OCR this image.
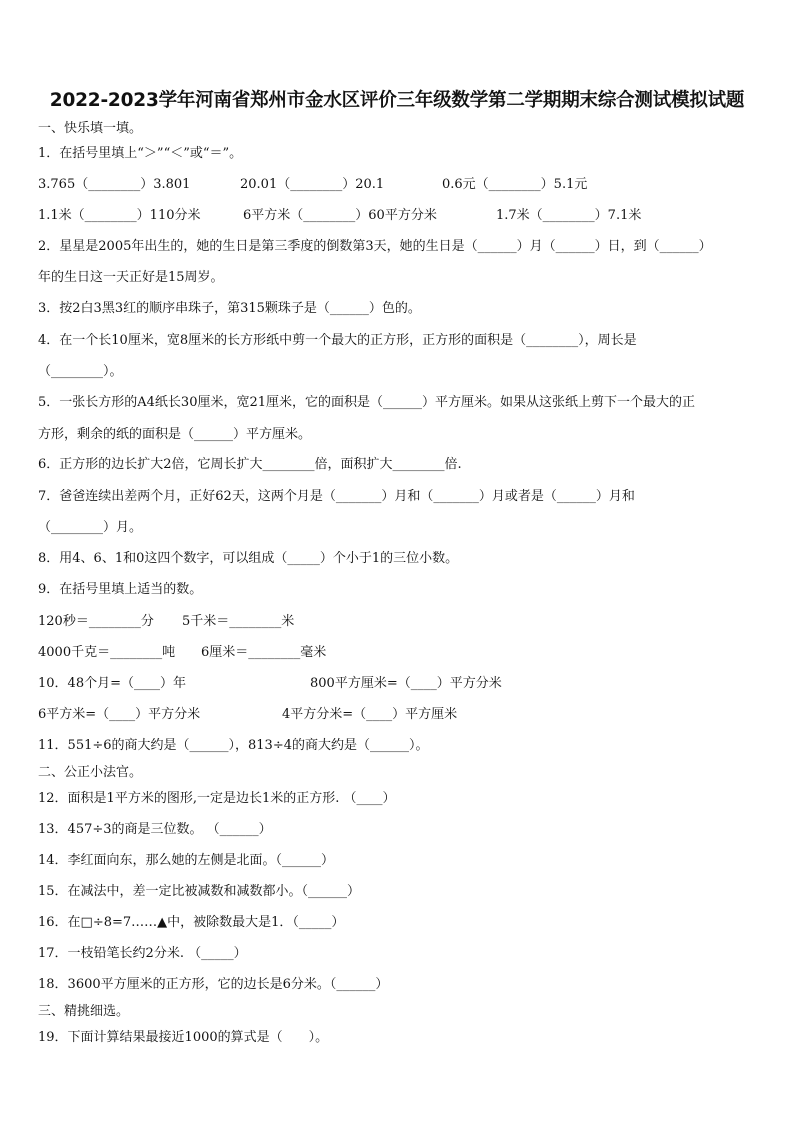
2022-2023学年河南省郑州市金水区评价三年级数学第二学期期末综合测试模拟试题
一、快乐填一填。
1．在括号里填上“＞”“＜”或“＝”。
3.765（________）3.801	20.01（________）20.1	0.6元（________）5.1元
1.1米（________）110分米	6平方米（________）60平方分米	1.7米（________）7.1米
2．星星是2005年出生的，她的生日是第三季度的倒数第3天，她的生日是（______）月（______）日，到（______）
年的生日这一天正好是15周岁。
3．按2白3黑3红的顺序串珠子，第315颗珠子是（______）色的。
4．在一个长10厘米，宽8厘米的长方形纸中剪一个最大的正方形，正方形的面积是（________），周长是
（________）。
5．一张长方形的A4纸长30厘米，宽21厘米，它的面积是（______）平方厘米。如果从这张纸上剪下一个最大的正
方形，剩余的纸的面积是（______）平方厘米。
6．正方形的边长扩大2倍，它周长扩大________倍，面积扩大________倍.
7．爸爸连续出差两个月，正好62天，这两个月是（_______）月和（_______）月或者是（______）月和
（________）月。
8．用4、6、1和0这四个数字，可以组成（_____）个小于1的三位小数。
9．在括号里填上适当的数。
120秒＝________分 5千米＝________米
4000千克＝________吨 6厘米＝________毫米
10．48个月=（____）年	800平方厘米=（____）平方分米
6平方米=（____）平方分米	4平方分米=（____）平方厘米
11．551÷6的商大约是（______），813÷4的商大约是（______）。
二、公正小法官。
12．面积是1平方米的图形,一定是边长1米的正方形. （____）
13．457÷3的商是三位数。 （______）
14．李红面向东，那么她的左侧是北面。（______）
15．在减法中，差一定比被减数和减数都小。（______）
16．在□÷8=7……▲中，被除数最大是1．（_____）
17．一枝铅笔长约2分米. （_____）
18．3600平方厘米的正方形，它的边长是6分米。（______）
三、精挑细选。
19．下面计算结果最接近1000的算式是（　　）。
